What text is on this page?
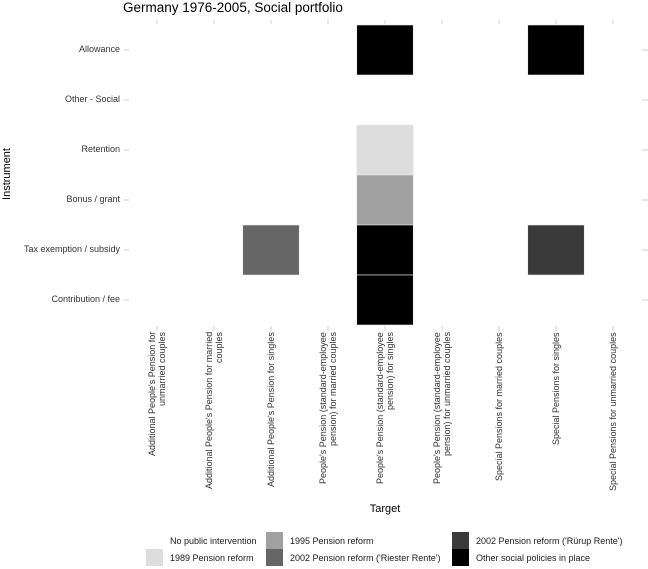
Germany 1976-2005, Social portfolio
Instrument
Allowance
Other - Social
Retention
Bonus / grant
Tax exemption / subsidy
Contribution / fee
Additional People's Pension for unmarried couples	Additional People's Pension for married couples	Additional People's Pension for singles	People's Pension (standard-employee pension) for married couples	People's Pension (standard-employee pension) for singles	People's Pension (standard-employee pension) for unmarried couples	Special Pensions for married couples	Special Pensions for singles	Special Pensions for unmarried couples
Target
No public intervention
1989 Pension reform
1995 Pension reform
2002 Pension reform ('Riester Rente')
2002 Pension reform ('Rürup Rente')
Other social policies in place
